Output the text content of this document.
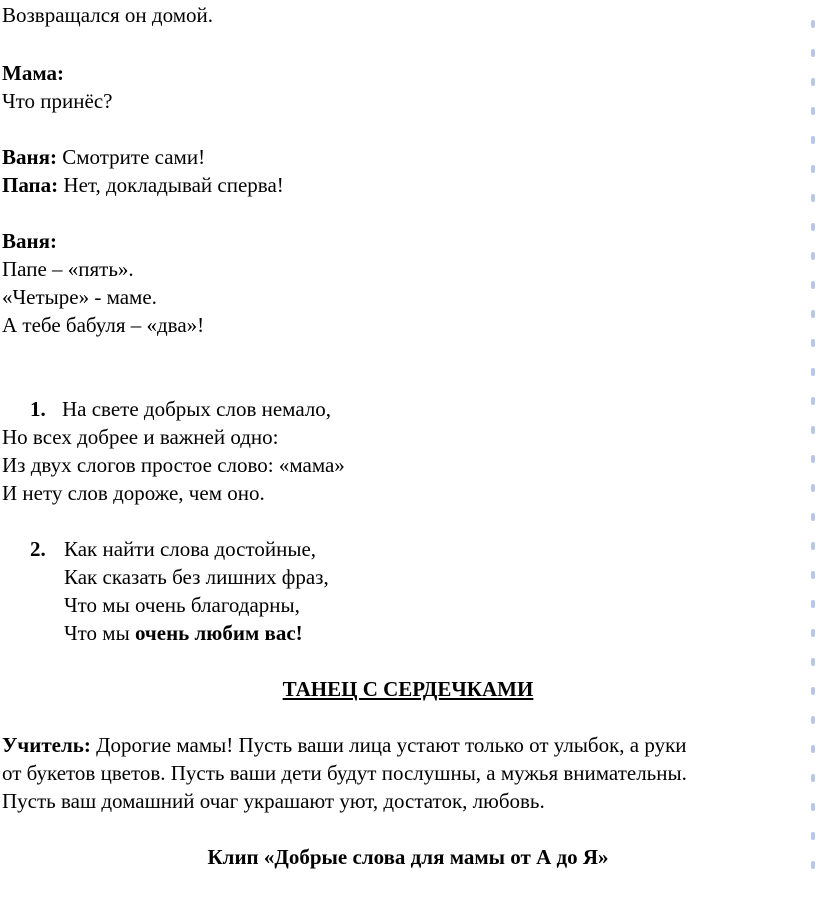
Возвращался он домой.
Мама:
Что принёс?
Ваня: Смотрите сами!
Папа: Нет, докладывай сперва!
Ваня:
Папе – «пять».
«Четыре» - маме.
А тебе бабуля – «два»!
1. На свете добрых слов немало,
Но всех добрее и важней одно:
Из двух слогов простое слово: «мама»
И нету слов дороже, чем оно.
2. Как найти слова достойные,
Как сказать без лишних фраз,
Что мы очень благодарны,
Что мы очень любим вас!
ТАНЕЦ С СЕРДЕЧКАМИ
Учитель: Дорогие мамы! Пусть ваши лица устают только от улыбок, а руки
от букетов цветов. Пусть ваши дети будут послушны, а мужья внимательны.
Пусть ваш домашний очаг украшают уют, достаток, любовь.
Клип «Добрые слова для мамы от А до Я»
